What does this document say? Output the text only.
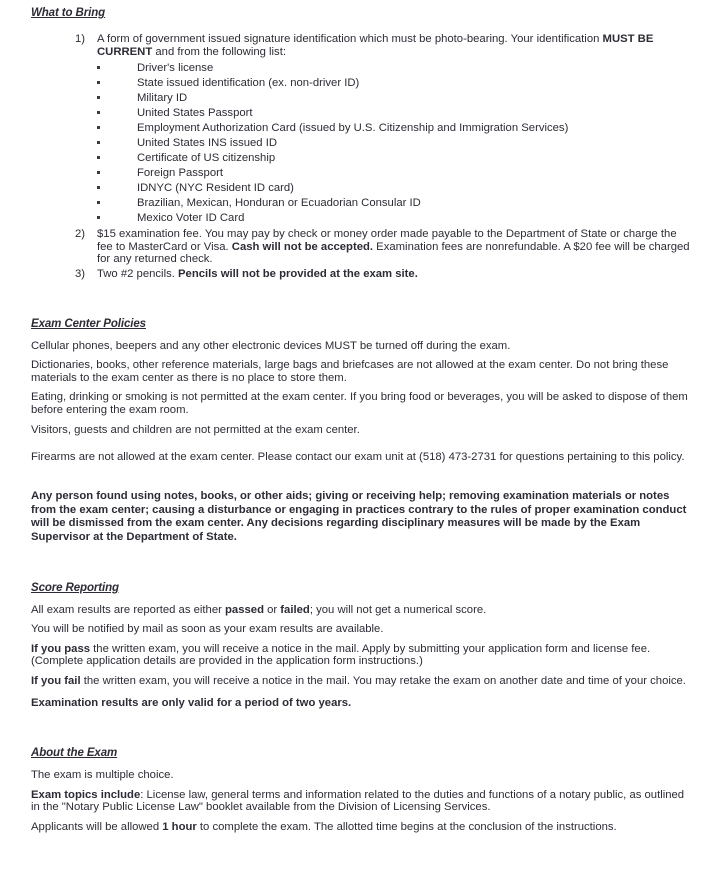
What to Bring
1) A form of government issued signature identification which must be photo-bearing. Your identification MUST BE CURRENT and from the following list:
Driver's license
State issued identification (ex. non-driver ID)
Military ID
United States Passport
Employment Authorization Card (issued by U.S. Citizenship and Immigration Services)
United States INS issued ID
Certificate of US citizenship
Foreign Passport
IDNYC (NYC Resident ID card)
Brazilian, Mexican, Honduran or Ecuadorian Consular ID
Mexico Voter ID Card
2) $15 examination fee. You may pay by check or money order made payable to the Department of State or charge the fee to MasterCard or Visa. Cash will not be accepted. Examination fees are nonrefundable. A $20 fee will be charged for any returned check.
3) Two #2 pencils. Pencils will not be provided at the exam site.
Exam Center Policies

Cellular phones, beepers and any other electronic devices MUST be turned off during the exam.

Dictionaries, books, other reference materials, large bags and briefcases are not allowed at the exam center. Do not bring these materials to the exam center as there is no place to store them.

Eating, drinking or smoking is not permitted at the exam center. If you bring food or beverages, you will be asked to dispose of them before entering the exam room.

Visitors, guests and children are not permitted at the exam center.

Firearms are not allowed at the exam center. Please contact our exam unit at (518) 473-2731 for questions pertaining to this policy.

Any person found using notes, books, or other aids; giving or receiving help; removing examination materials or notes from the exam center; causing a disturbance or engaging in practices contrary to the rules of proper examination conduct will be dismissed from the exam center. Any decisions regarding disciplinary measures will be made by the Exam Supervisor at the Department of State.

Score Reporting

All exam results are reported as either passed or failed; you will not get a numerical score.

You will be notified by mail as soon as your exam results are available.

If you pass the written exam, you will receive a notice in the mail. Apply by submitting your application form and license fee. (Complete application details are provided in the application form instructions.)

If you fail the written exam, you will receive a notice in the mail. You may retake the exam on another date and time of your choice.

Examination results are only valid for a period of two years.

About the Exam

The exam is multiple choice.

Exam topics include: License law, general terms and information related to the duties and functions of a notary public, as outlined in the "Notary Public License Law" booklet available from the Division of Licensing Services.

Applicants will be allowed 1 hour to complete the exam. The allotted time begins at the conclusion of the instructions.
